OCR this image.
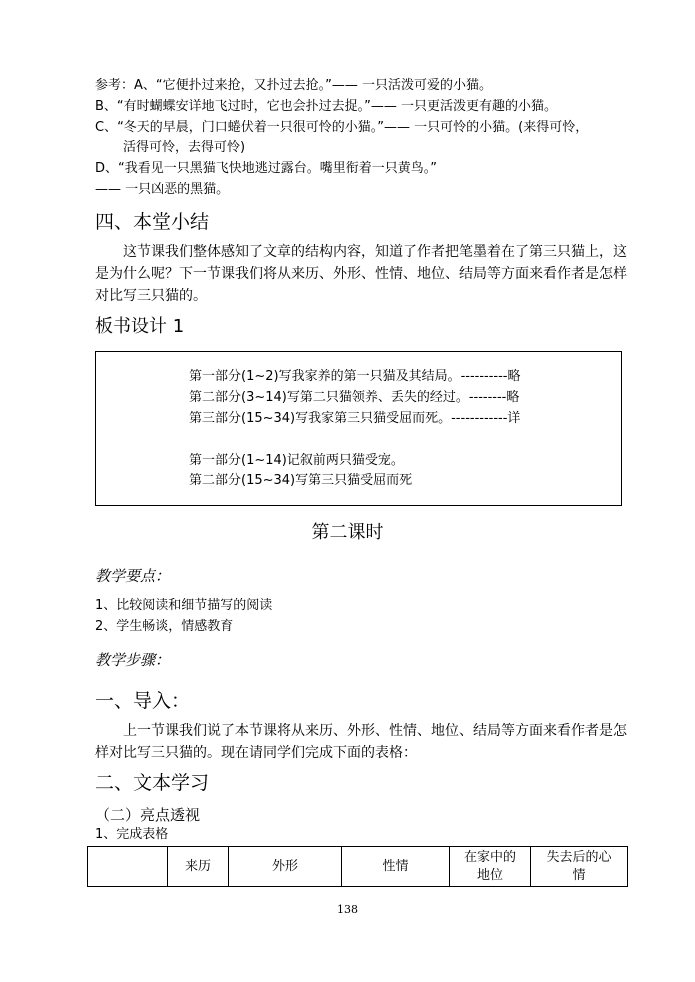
参考：A、“它便扑过来抢，又扑过去抢。”—— 一只活泼可爱的小猫。
B、“有时蝴蝶安详地飞过时，它也会扑过去捉。”—— 一只更活泼更有趣的小猫。
C、“冬天的早晨，门口蜷伏着一只很可怜的小猫。”—— 一只可怜的小猫。(来得可怜，
活得可怜，去得可怜)
D、“我看见一只黑猫飞快地逃过露台。嘴里衔着一只黄鸟。”
—— 一只凶恶的黑猫。
四、本堂小结
这节课我们整体感知了文章的结构内容，知道了作者把笔墨着在了第三只猫上，这
是为什么呢？下一节课我们将从来历、外形、性情、地位、结局等方面来看作者是怎样
对比写三只猫的。
板书设计 1
第一部分(1~2)写我家养的第一只猫及其结局。----------略
第二部分(3~14)写第二只猫领养、丢失的经过。--------略
第三部分(15~34)写我家第三只猫受屈而死。------------详
第一部分(1~14)记叙前两只猫受宠。
第二部分(15~34)写第三只猫受屈而死
第二课时
教学要点：
1、比较阅读和细节描写的阅读
2、学生畅谈，情感教育
教学步骤：
一、导入：
上一节课我们说了本节课将从来历、外形、性情、地位、结局等方面来看作者是怎
样对比写三只猫的。现在请同学们完成下面的表格：
二、文本学习
（二）亮点透视
1、完成表格
	来历	外形	性情	在家中的地位	失去后的心情
138
